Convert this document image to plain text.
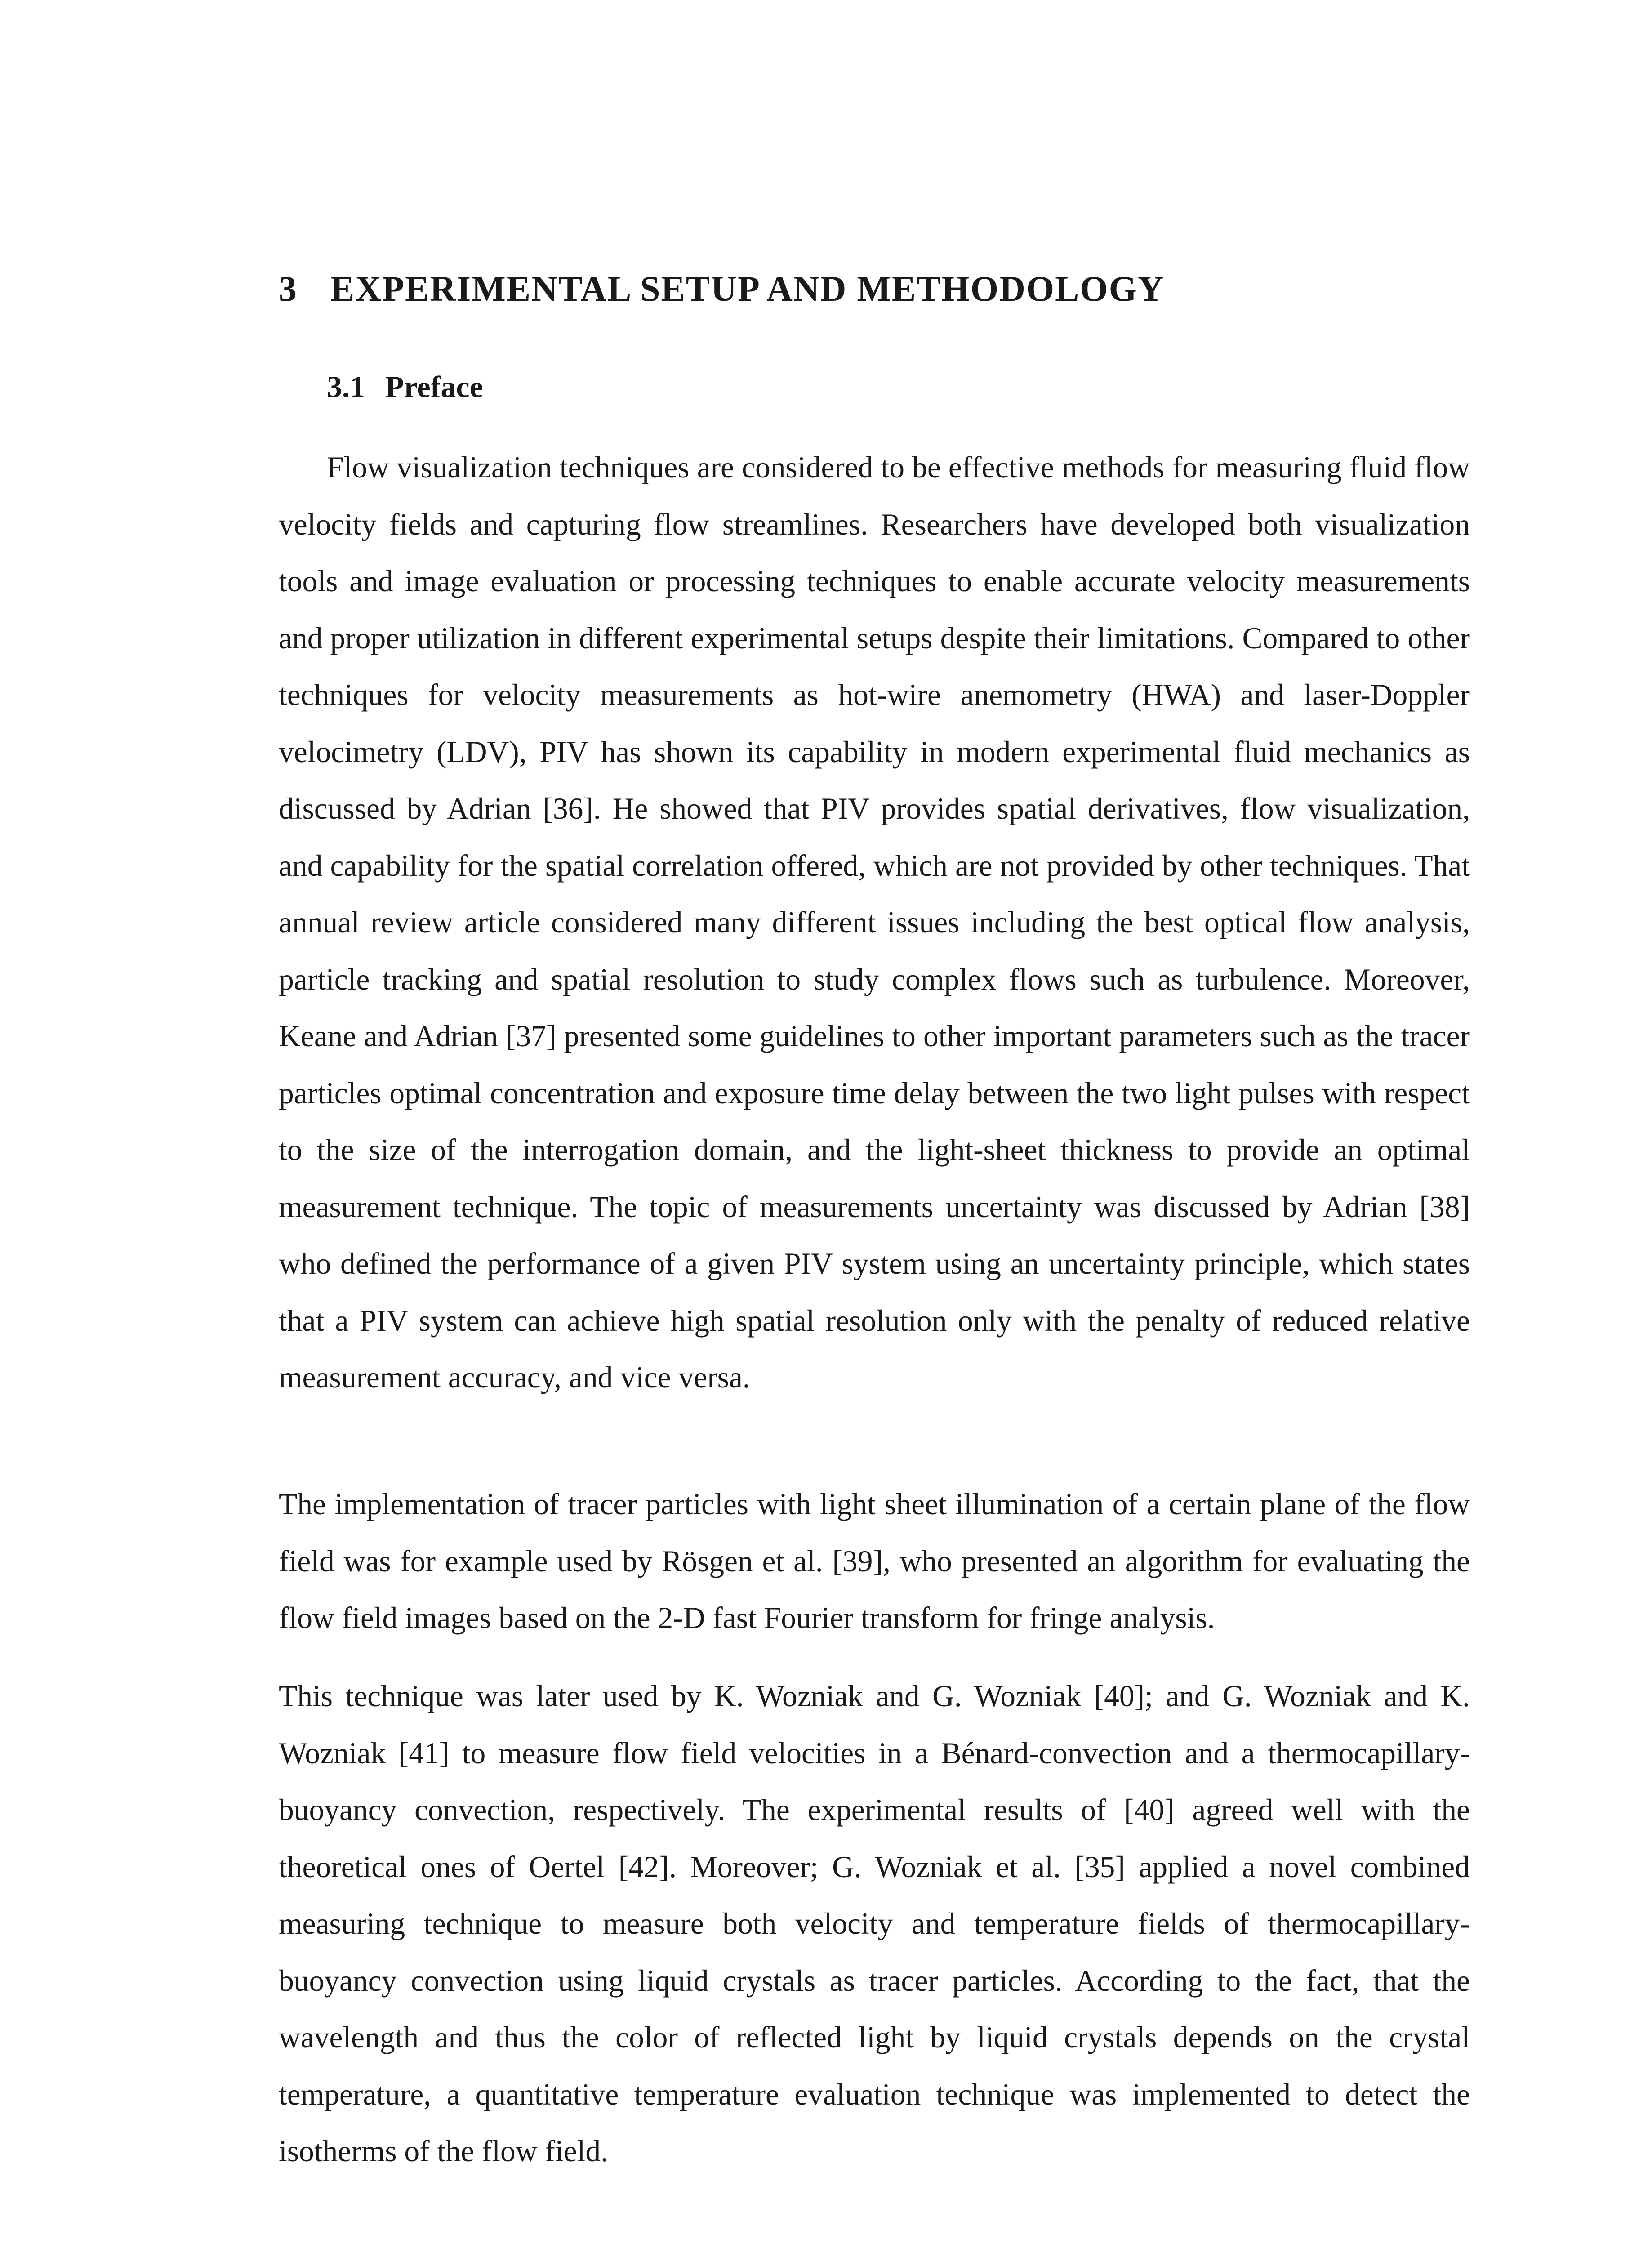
3 EXPERIMENTAL SETUP AND METHODOLOGY
3.1 Preface

Flow visualization techniques are considered to be effective methods for measuring fluid flow velocity fields and capturing flow streamlines. Researchers have developed both visualization tools and image evaluation or processing techniques to enable accurate velocity measurements and proper utilization in different experimental setups despite their limitations. Compared to other techniques for velocity measurements as hot-wire anemometry (HWA) and laser-Doppler velocimetry (LDV), PIV has shown its capability in modern experimental fluid mechanics as discussed by Adrian [36]. He showed that PIV provides spatial derivatives, flow visualization, and capability for the spatial correlation offered, which are not provided by other techniques. That annual review article considered many different issues including the best optical flow analysis, particle tracking and spatial resolution to study complex flows such as turbulence. Moreover, Keane and Adrian [37] presented some guidelines to other important parameters such as the tracer particles optimal concentration and exposure time delay between the two light pulses with respect to the size of the interrogation domain, and the light-sheet thickness to provide an optimal measurement technique. The topic of measurements uncertainty was discussed by Adrian [38] who defined the performance of a given PIV system using an uncertainty principle, which states that a PIV system can achieve high spatial resolution only with the penalty of reduced relative measurement accuracy, and vice versa.

The implementation of tracer particles with light sheet illumination of a certain plane of the flow field was for example used by Rösgen et al. [39], who presented an algorithm for evaluating the flow field images based on the 2-D fast Fourier transform for fringe analysis.

This technique was later used by K. Wozniak and G. Wozniak [40]; and G. Wozniak and K. Wozniak [41] to measure flow field velocities in a Bénard-convection and a thermocapillary-buoyancy convection, respectively. The experimental results of [40] agreed well with the theoretical ones of Oertel [42]. Moreover; G. Wozniak et al. [35] applied a novel combined measuring technique to measure both velocity and temperature fields of thermocapillary-buoyancy convection using liquid crystals as tracer particles. According to the fact, that the wavelength and thus the color of reflected light by liquid crystals depends on the crystal temperature, a quantitative temperature evaluation technique was implemented to detect the isotherms of the flow field.
